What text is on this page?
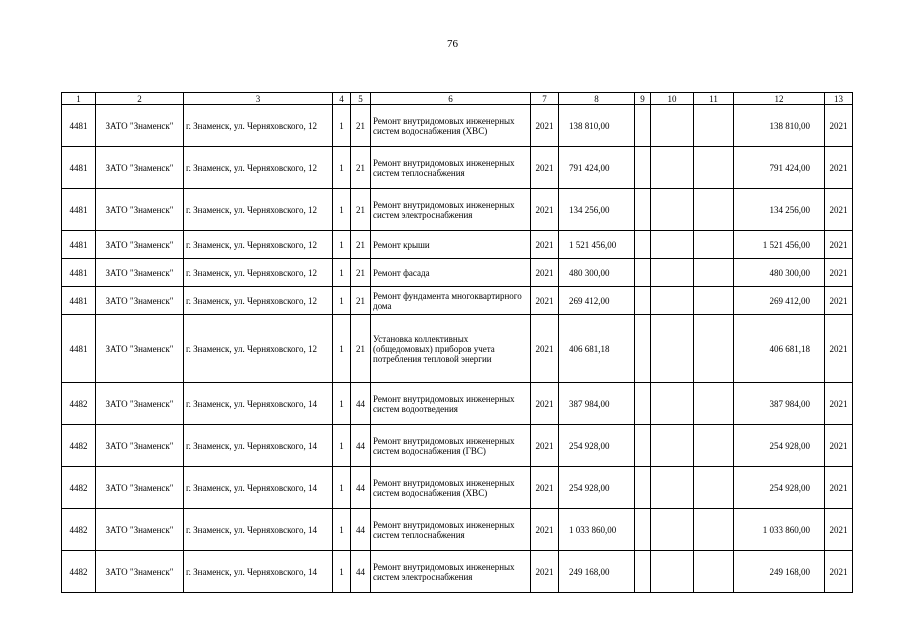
76
1	2	3	4	5	6	7	8	9	10	11	12	13
4481	ЗАТО "Знаменск"	г. Знаменск, ул. Черняховского, 12	1	21	Ремонт внутридомовых инженерных систем водоснабжения (ХВС)	2021	138 810,00				138 810,00	2021
4481	ЗАТО "Знаменск"	г. Знаменск, ул. Черняховского, 12	1	21	Ремонт внутридомовых инженерных систем теплоснабжения	2021	791 424,00				791 424,00	2021
4481	ЗАТО "Знаменск"	г. Знаменск, ул. Черняховского, 12	1	21	Ремонт внутридомовых инженерных систем электроснабжения	2021	134 256,00				134 256,00	2021
4481	ЗАТО "Знаменск"	г. Знаменск, ул. Черняховского, 12	1	21	Ремонт крыши	2021	1 521 456,00				1 521 456,00	2021
4481	ЗАТО "Знаменск"	г. Знаменск, ул. Черняховского, 12	1	21	Ремонт фасада	2021	480 300,00				480 300,00	2021
4481	ЗАТО "Знаменск"	г. Знаменск, ул. Черняховского, 12	1	21	Ремонт фундамента многоквартирного дома	2021	269 412,00				269 412,00	2021
4481	ЗАТО "Знаменск"	г. Знаменск, ул. Черняховского, 12	1	21	Установка коллективных (общедомовых) приборов учета потребления тепловой энергии	2021	406 681,18				406 681,18	2021
4482	ЗАТО "Знаменск"	г. Знаменск, ул. Черняховского, 14	1	44	Ремонт внутридомовых инженерных систем водоотведения	2021	387 984,00				387 984,00	2021
4482	ЗАТО "Знаменск"	г. Знаменск, ул. Черняховского, 14	1	44	Ремонт внутридомовых инженерных систем водоснабжения (ГВС)	2021	254 928,00				254 928,00	2021
4482	ЗАТО "Знаменск"	г. Знаменск, ул. Черняховского, 14	1	44	Ремонт внутридомовых инженерных систем водоснабжения (ХВС)	2021	254 928,00				254 928,00	2021
4482	ЗАТО "Знаменск"	г. Знаменск, ул. Черняховского, 14	1	44	Ремонт внутридомовых инженерных систем теплоснабжения	2021	1 033 860,00				1 033 860,00	2021
4482	ЗАТО "Знаменск"	г. Знаменск, ул. Черняховского, 14	1	44	Ремонт внутридомовых инженерных систем электроснабжения	2021	249 168,00				249 168,00	2021
